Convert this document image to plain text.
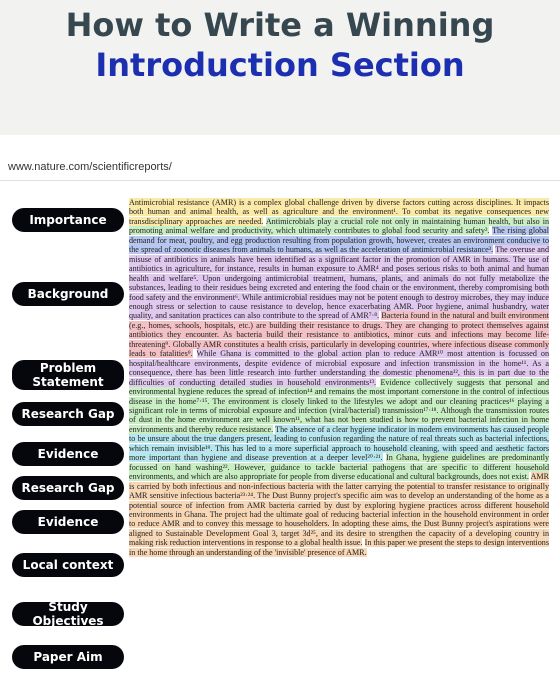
How to Write a Winning
Introduction Section
www.nature.com/scientificreports/
Importance
Background
Problem
Statement
Research Gap
Evidence
Research Gap
Evidence
Local context
Study Objectives
Paper Aim
Antimicrobial resistance (AMR) is a complex global challenge driven by diverse factors cutting across disciplines. It impacts both human and animal health, as well as agriculture and the environment¹. To combat its negative consequences new transdisciplinary approaches are needed. Antimicrobials play a crucial role not only in maintaining human health, but also in promoting animal welfare and productivity, which ultimately contributes to global food security and safety². The rising global demand for meat, poultry, and egg production resulting from population growth, however, creates an environment conducive to the spread of zoonotic diseases from animals to humans, as well as the acceleration of antimicrobial resistance³. The overuse and misuse of antibiotics in animals have been identified as a significant factor in the promotion of AMR in humans. The use of antibiotics in agriculture, for instance, results in human exposure to AMR⁴ and poses serious risks to both animal and human health and welfare⁵. Upon undergoing antimicrobial treatment, humans, plants, and animals do not fully metabolize the substances, leading to their residues being excreted and entering the food chain or the environment, thereby compromising both food safety and the environment⁶. While antimicrobial residues may not be potent enough to destroy microbes, they may induce enough stress or selection to cause resistance to develop, hence exacerbating AMR. Poor hygiene, animal husbandry, water quality, and sanitation practices can also contribute to the spread of AMR⁷·⁸. Bacteria found in the natural and built environment (e.g., homes, schools, hospitals, etc.) are building their resistance to drugs. They are changing to protect themselves against antibiotics they encounter. As bacteria build their resistance to antibiotics, minor cuts and infections may become life-threatening⁹. Globally AMR constitutes a health crisis, particularly in developing countries, where infectious disease commonly leads to fatalities⁹. While Ghana is committed to the global action plan to reduce AMR¹⁰ most attention is focussed on hospital/healthcare environments, despite evidence of microbial exposure and infection transmission in the home¹¹. As a consequence, there has been little research into further understanding the domestic phenomena¹², this is in part due to the difficulties of conducting detailed studies in household environments¹³. Evidence collectively suggests that personal and environmental hygiene reduces the spread of infection¹⁴ and remains the most important cornerstone in the control of infectious disease in the home⁷·¹⁵. The environment is closely linked to the lifestyles we adopt and our cleaning practices¹⁶ playing a significant role in terms of microbial exposure and infection (viral/bacterial) transmission¹⁷·¹⁸. Although the transmission routes of dust in the home environment are well known¹¹, what has not been studied is how to prevent bacterial infection in home environments and thereby reduce resistance. The absence of a clear hygiene indicator in modern environments has caused people to be unsure about the true dangers present, leading to confusion regarding the nature of real threats such as bacterial infections, which remain invisible¹⁹. This has led to a more superficial approach to household cleaning, with speed and aesthetic factors more important than hygiene and disease prevention at a deeper level²⁰·²¹. In Ghana, hygiene guidelines are predominantly focussed on hand washing²². However, guidance to tackle bacterial pathogens that are specific to different household environments, and which are also appropriate for people from diverse educational and cultural backgrounds, does not exist. AMR is carried by both infectious and non-infectious bacteria with the latter carrying the potential to transfer resistance to originally AMR sensitive infectious bacteria²³·²⁴. The Dust Bunny project's specific aim was to develop an understanding of the home as a potential source of infection from AMR bacteria carried by dust by exploring hygiene practices across different household environments in Ghana. The project had the ultimate goal of reducing bacterial infection in the household environment in order to reduce AMR and to convey this message to householders. In adopting these aims, the Dust Bunny project's aspirations were aligned to Sustainable Development Goal 3, target 3d²⁵, and its desire to strengthen the capacity of a developing country in making risk reduction interventions in response to a global health issue. In this paper we present the steps to design interventions in the home through an understanding of the 'invisible' presence of AMR.
